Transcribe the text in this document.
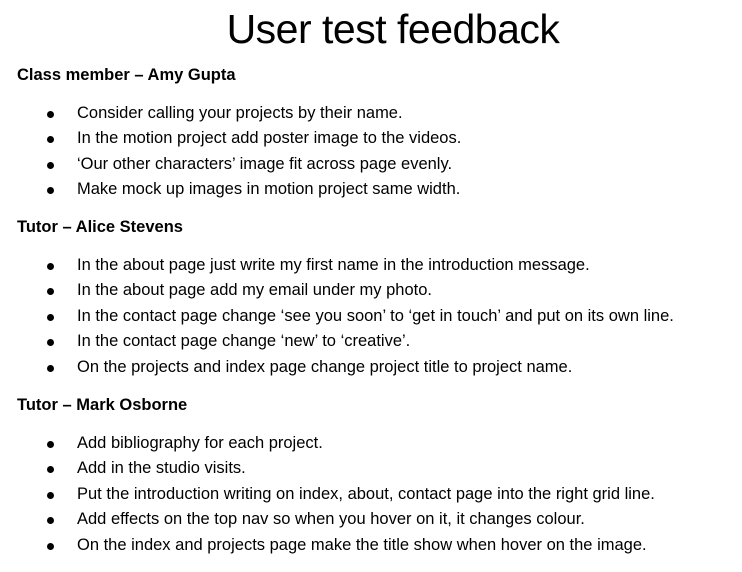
User test feedback
Class member – Amy Gupta
Consider calling your projects by their name.
In the motion project add poster image to the videos.
‘Our other characters’ image fit across page evenly.
Make mock up images in motion project same width.
Tutor – Alice Stevens
In the about page just write my first name in the introduction message.
In the about page add my email under my photo.
In the contact page change ‘see you soon’ to ‘get in touch’ and put on its own line.
In the contact page change ‘new’ to ‘creative’.
On the projects and index page change project title to project name.
Tutor – Mark Osborne
Add bibliography for each project.
Add in the studio visits.
Put the introduction writing on index, about, contact page into the right grid line.
Add effects on the top nav so when you hover on it, it changes colour.
On the index and projects page make the title show when hover on the image.
